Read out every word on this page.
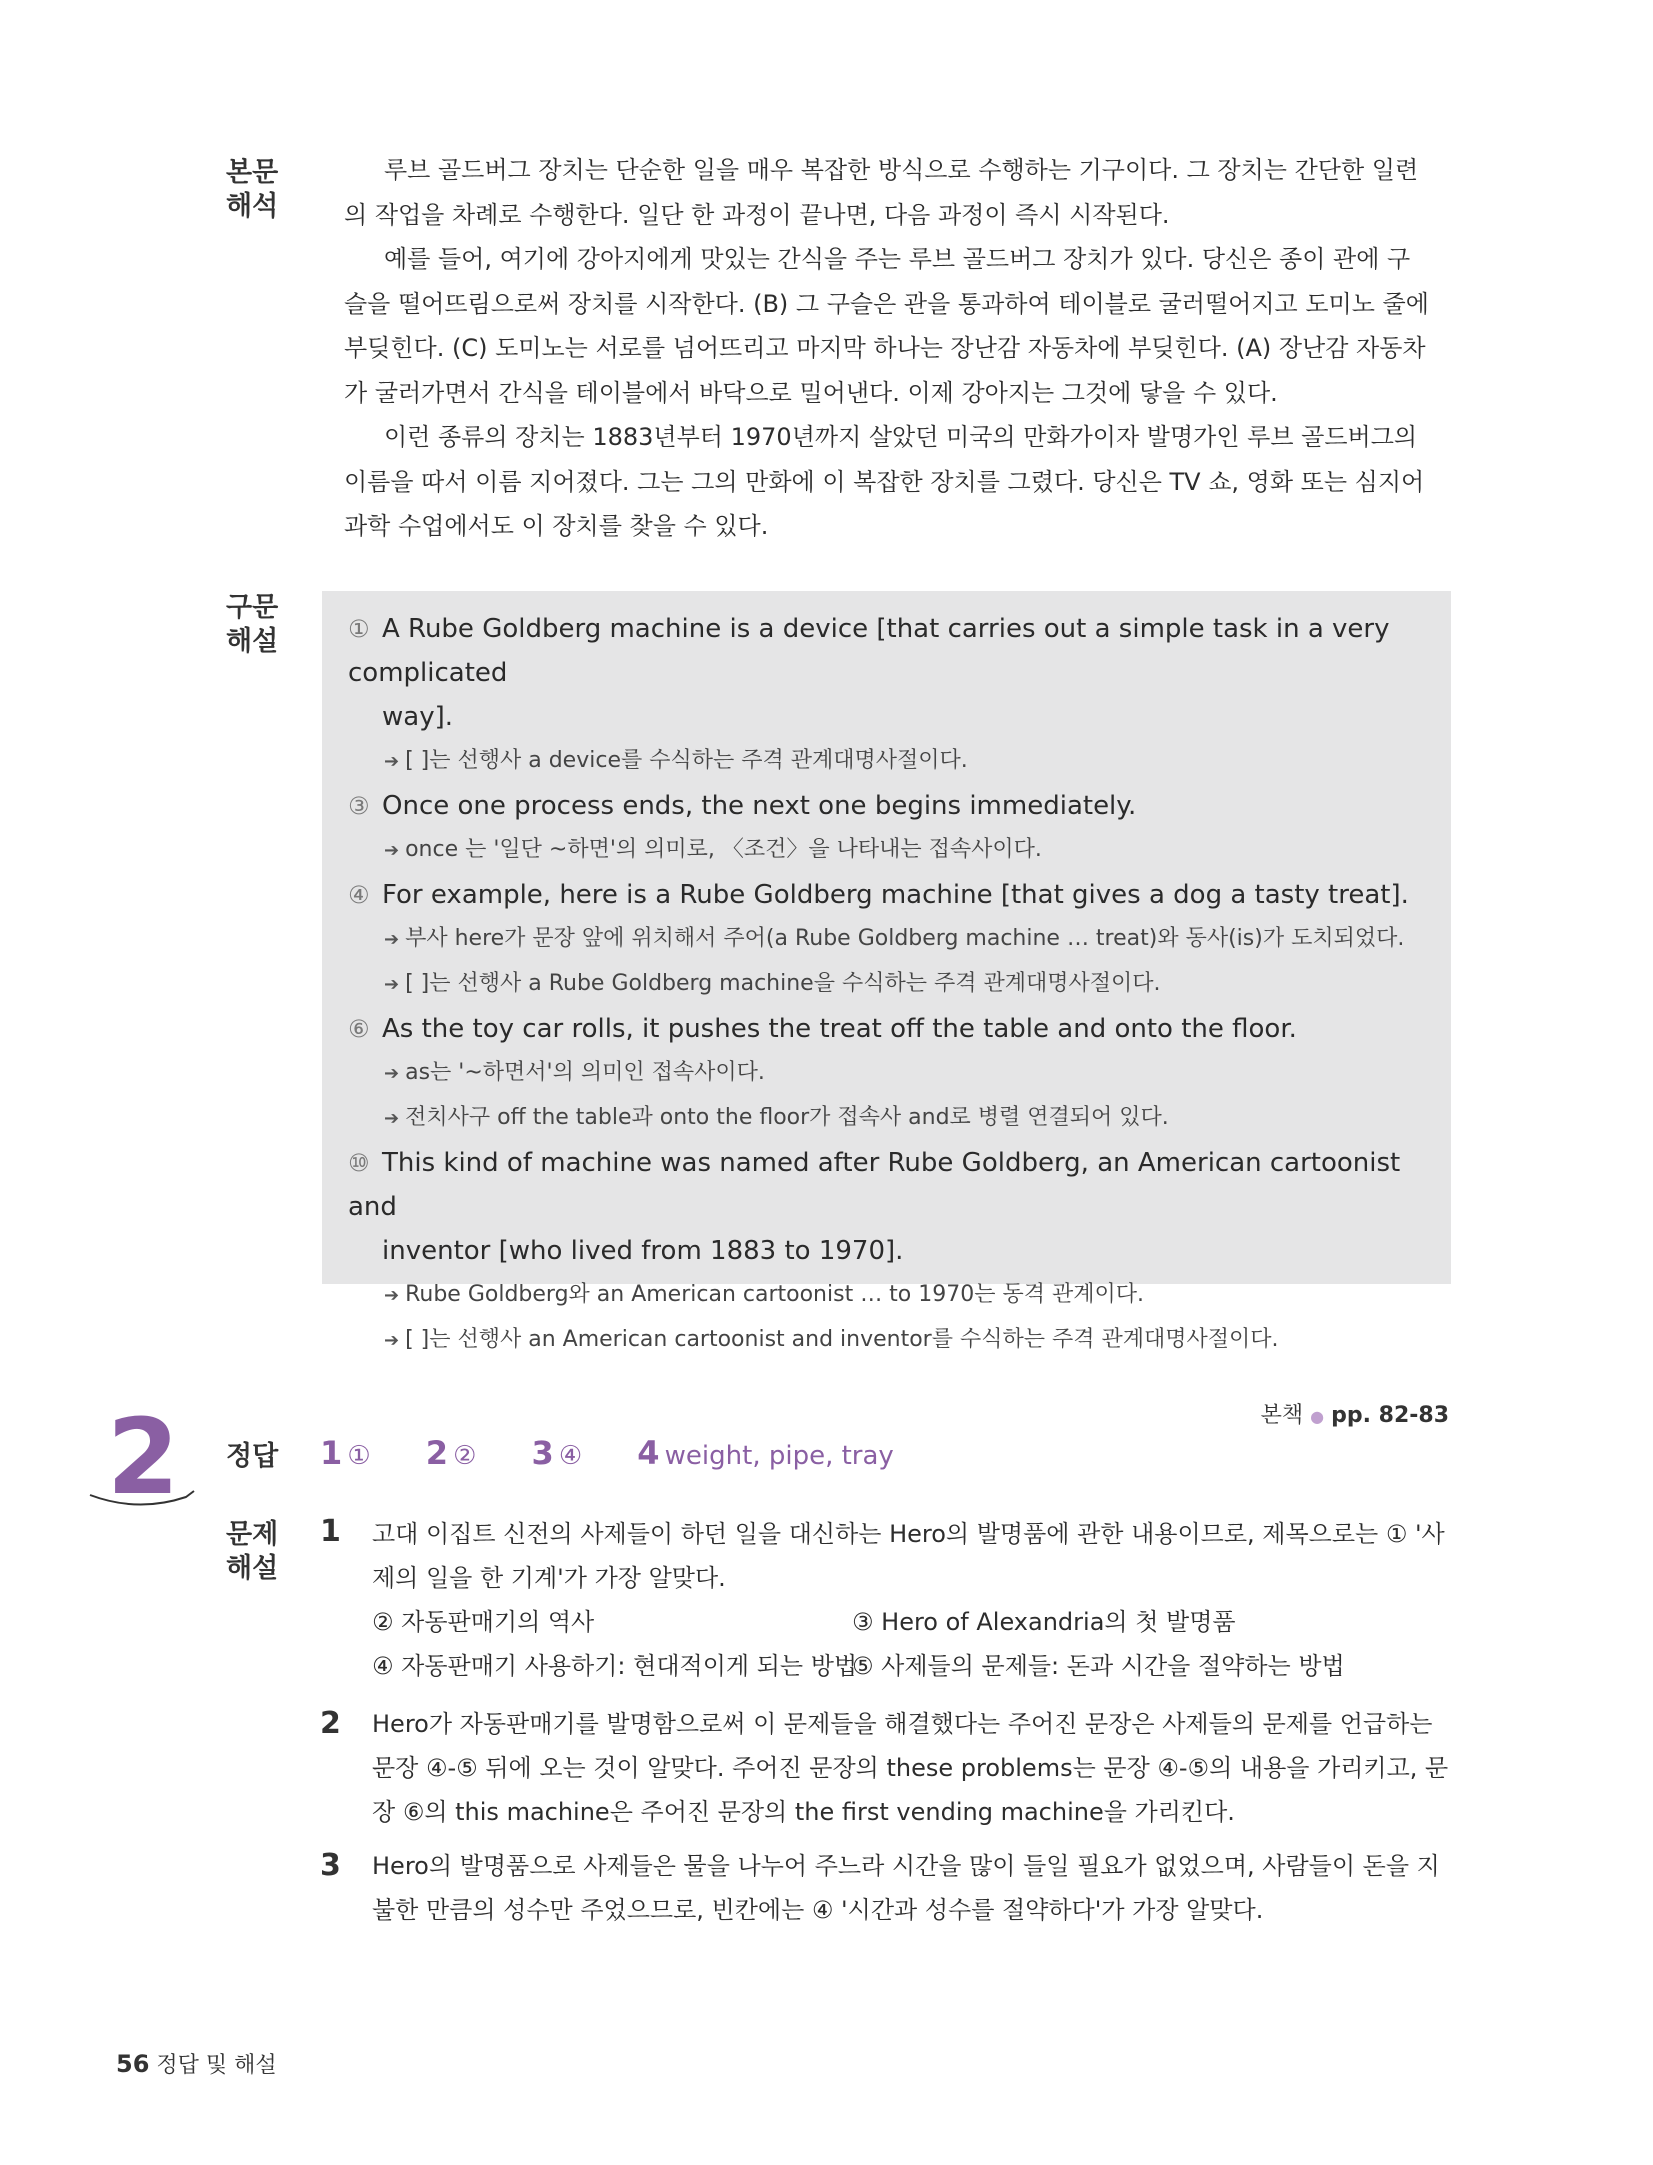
본문
해석

루브 골드버그 장치는 단순한 일을 매우 복잡한 방식으로 수행하는 기구이다. 그 장치는 간단한 일련의 작업을 차례로 수행한다. 일단 한 과정이 끝나면, 다음 과정이 즉시 시작된다.

예를 들어, 여기에 강아지에게 맛있는 간식을 주는 루브 골드버그 장치가 있다. 당신은 종이 관에 구슬을 떨어뜨림으로써 장치를 시작한다. (B) 그 구슬은 관을 통과하여 테이블로 굴러떨어지고 도미노 줄에 부딪힌다. (C) 도미노는 서로를 넘어뜨리고 마지막 하나는 장난감 자동차에 부딪힌다. (A) 장난감 자동차가 굴러가면서 간식을 테이블에서 바닥으로 밀어낸다. 이제 강아지는 그것에 닿을 수 있다.

이런 종류의 장치는 1883년부터 1970년까지 살았던 미국의 만화가이자 발명가인 루브 골드버그의 이름을 따서 이름 지어졌다. 그는 그의 만화에 이 복잡한 장치를 그렸다. 당신은 TV 쇼, 영화 또는 심지어 과학 수업에서도 이 장치를 찾을 수 있다.

구문
해설	① A Rube Goldberg machine is a device [that carries out a simple task in a very complicated
way].
➔ [ ]는 선행사 a device를 수식하는 주격 관계대명사절이다.
③ Once one process ends, the next one begins immediately.
➔ once 는 '일단 ~하면'의 의미로, 〈조건〉을 나타내는 접속사이다.
④ For example, here is a Rube Goldberg machine [that gives a dog a tasty treat].
➔ 부사 here가 문장 앞에 위치해서 주어(a Rube Goldberg machine … treat)와 동사(is)가 도치되었다.
➔ [ ]는 선행사 a Rube Goldberg machine을 수식하는 주격 관계대명사절이다.
⑥ As the toy car rolls, it pushes the treat off the table and onto the floor.
➔ as는 '~하면서'의 의미인 접속사이다.
➔ 전치사구 off the table과 onto the floor가 접속사 and로 병렬 연결되어 있다.
⑩ This kind of machine was named after Rube Goldberg, an American cartoonist and
inventor [who lived from 1883 to 1970].
➔ Rube Goldberg와 an American cartoonist … to 1970는 동격 관계이다.
➔ [ ]는 선행사 an American cartoonist and inventor를 수식하는 주격 관계대명사절이다.
2	본책 ● pp. 82-83
정답	1 ① 2 ② 3 ④ 4 weight, pipe, tray
문제
해설
1 고대 이집트 신전의 사제들이 하던 일을 대신하는 Hero의 발명품에 관한 내용이므로, 제목으로는 ① '사제의 일을 한 기계'가 가장 알맞다.
② 자동판매기의 역사	③ Hero of Alexandria의 첫 발명품
④ 자동판매기 사용하기: 현대적이게 되는 방법
⑤ 사제들의 문제들: 돈과 시간을 절약하는 방법
2 Hero가 자동판매기를 발명함으로써 이 문제들을 해결했다는 주어진 문장은 사제들의 문제를 언급하는 문장 ④-⑤ 뒤에 오는 것이 알맞다. 주어진 문장의 these problems는 문장 ④-⑤의 내용을 가리키고, 문장 ⑥의 this machine은 주어진 문장의 the first vending machine을 가리킨다.
3 Hero의 발명품으로 사제들은 물을 나누어 주느라 시간을 많이 들일 필요가 없었으며, 사람들이 돈을 지불한 만큼의 성수만 주었으므로, 빈칸에는 ④ '시간과 성수를 절약하다'가 가장 알맞다.
56 정답 및 해설
